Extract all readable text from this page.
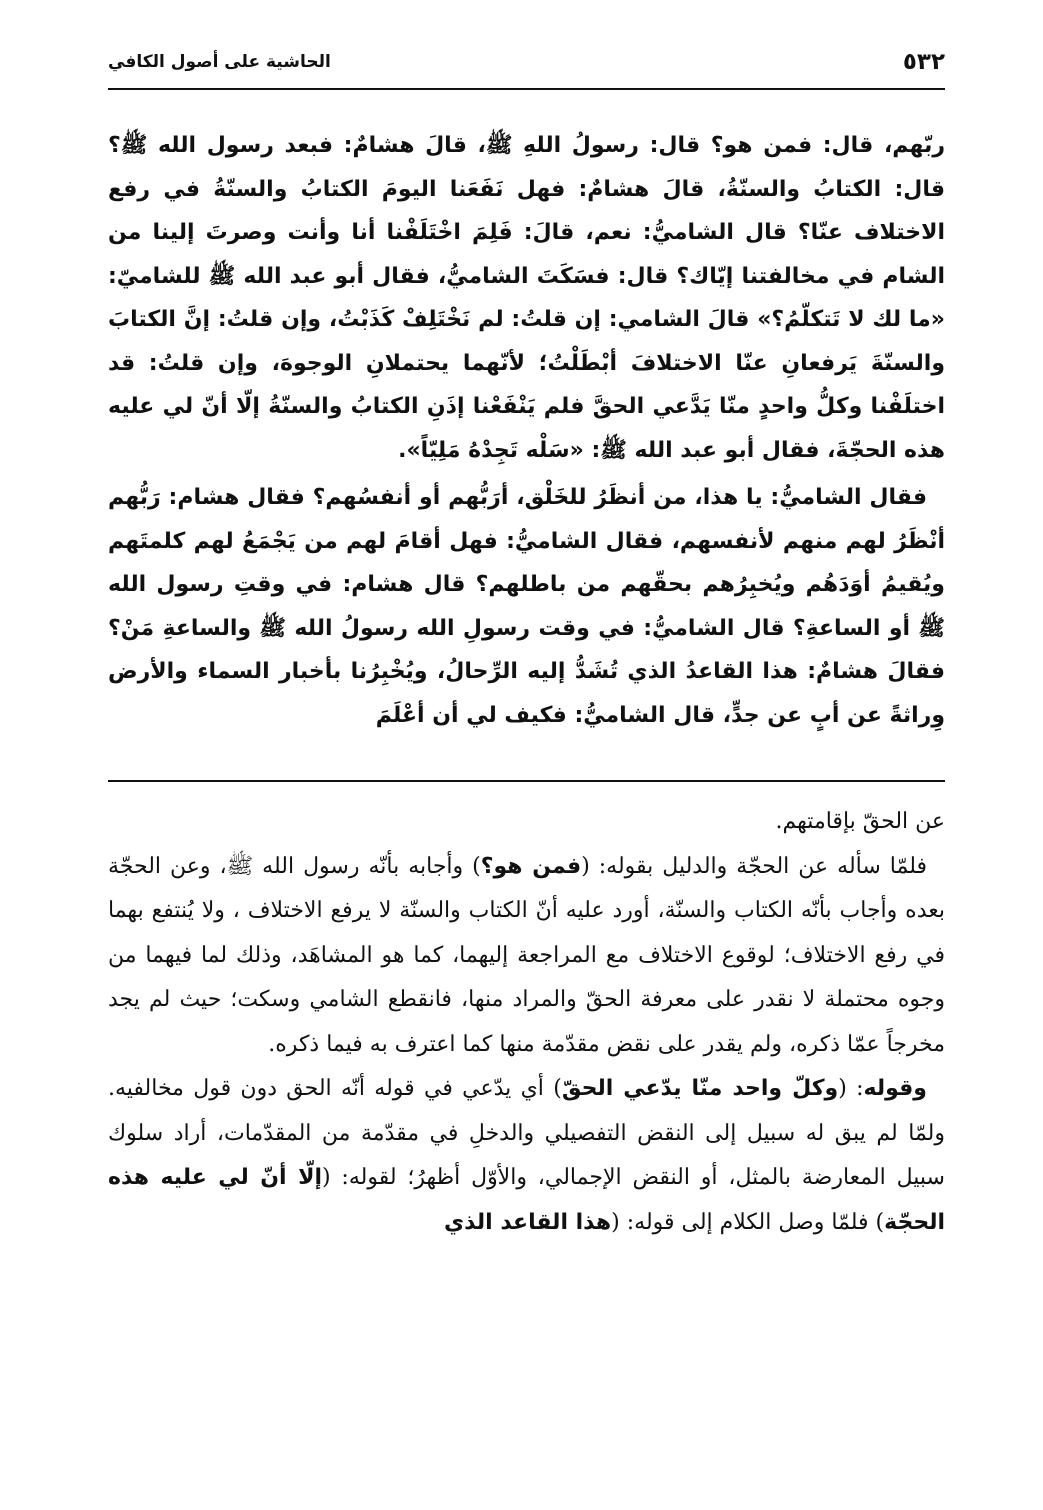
٥٣٢
الحاشية على أصول الكافي

ربّهم، قال: فمن هو؟ قال: رسولُ اللهِ ﷺ، قالَ هشامٌ: فبعد رسول الله ﷺ؟ قال: الكتابُ والسنّةُ، قالَ هشامٌ: فهل نَفَعَنا اليومَ الكتابُ والسنّةُ في رفع الاختلاف عنّا؟ قال الشاميُّ: نعم، قالَ: فَلِمَ اخْتَلَفْنا أنا وأنت وصرتَ إلينا من الشام في مخالفتنا إيّاك؟ قال: فسَكَتَ الشاميُّ، فقال أبو عبد الله ﷺ للشاميّ: «ما لك لا تَتكلّمُ؟» قالَ الشامي: إن قلتُ: لم نَخْتَلِفْ كَذَبْتُ، وإن قلتُ: إنَّ الكتابَ والسنّةَ يَرفعانِ عنّا الاختلافَ أبْطَلْتُ؛ لأنّهما يحتملانِ الوجوهَ، وإن قلتُ: قد اختلَفْنا وكلُّ واحدٍ منّا يَدَّعي الحقَّ فلم يَنْفَعْنا إذَنِ الكتابُ والسنّةُ إلّا أنّ لي عليه هذه الحجّةَ، فقال أبو عبد الله ﷺ: «سَلْه تَجِدْهُ مَلِيّاً».

فقال الشاميُّ: يا هذا، من أنظَرُ للخَلْق، أرَبُّهم أو أنفسُهم؟ فقال هشام: رَبُّهم أنْظَرُ لهم منهم لأنفسهم، فقال الشاميُّ: فهل أقامَ لهم من يَجْمَعُ لهم كلمتَهم ويُقيمُ أوَدَهُم ويُخبِرُهم بحقّهم من باطلهم؟ قال هشام: في وقتِ رسول الله ﷺ أو الساعةِ؟ قال الشاميُّ: في وقت رسولِ الله رسولُ الله ﷺ والساعةِ مَنْ؟ فقالَ هشامٌ: هذا القاعدُ الذي تُشَدُّ إليه الرِّحالُ، ويُخْبِرُنا بأخبار السماء والأرض وِراثةً عن أبٍ عن جدٍّ، قال الشاميُّ: فكيف لي أن أعْلَمَ

عن الحقّ بإقامتهم.

فلمّا سأله عن الحجّة والدليل بقوله: (فمن هو؟) وأجابه بأنّه رسول الله ﷺ، وعن الحجّة بعده وأجاب بأنّه الكتاب والسنّة، أورد عليه أنّ الكتاب والسنّة لا يرفع الاختلاف ، ولا يُنتفع بهما في رفع الاختلاف؛ لوقوع الاختلاف مع المراجعة إليهما، كما هو المشاهَد، وذلك لما فيهما من وجوه محتملة لا نقدر على معرفة الحقّ والمراد منها، فانقطع الشامي وسكت؛ حيث لم يجد مخرجاً عمّا ذكره، ولم يقدر على نقض مقدّمة منها كما اعترف به فيما ذكره.

وقوله: (وكلّ واحد منّا يدّعي الحقّ) أي يدّعي في قوله أنّه الحق دون قول مخالفيه. ولمّا لم يبق له سبيل إلى النقض التفصيلي والدخلِ في مقدّمة من المقدّمات، أراد سلوك سبيل المعارضة بالمثل، أو النقض الإجمالي، والأوّل أظهرُ؛ لقوله: (إلّا أنّ لي عليه هذه الحجّة) فلمّا وصل الكلام إلى قوله: (هذا القاعد الذي
